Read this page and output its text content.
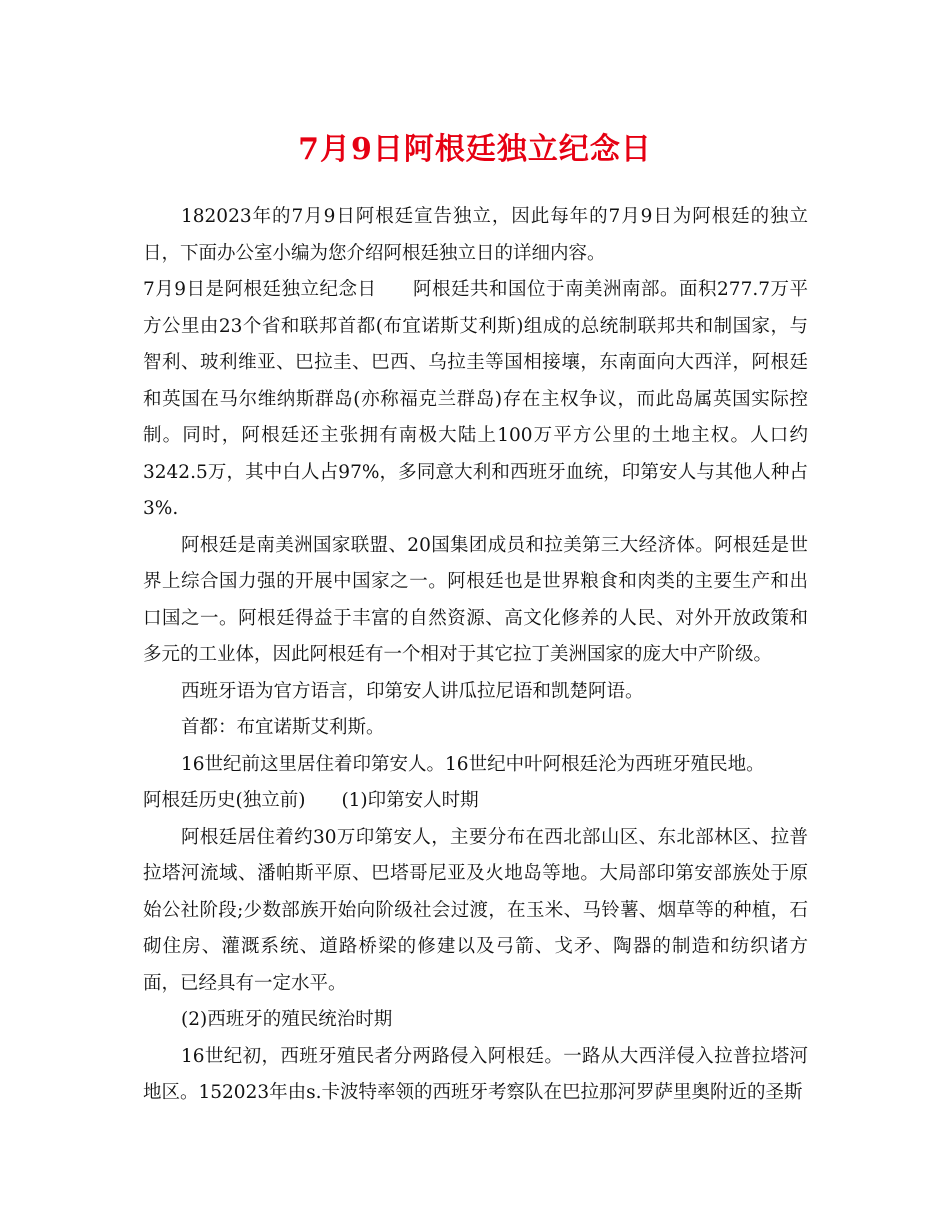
7月9日阿根廷独立纪念日

182023年的7月9日阿根廷宣告独立，因此每年的7月9日为阿根廷的独立日，下面办公室小编为您介绍阿根廷独立日的详细内容。

7月9日是阿根廷独立纪念日 阿根廷共和国位于南美洲南部。面积277.7万平方公里由23个省和联邦首都(布宜诺斯艾利斯)组成的总统制联邦共和制国家，与智利、玻利维亚、巴拉圭、巴西、乌拉圭等国相接壤，东南面向大西洋，阿根廷和英国在马尔维纳斯群岛(亦称福克兰群岛)存在主权争议，而此岛属英国实际控制。同时，阿根廷还主张拥有南极大陆上100万平方公里的土地主权。人口约3242.5万，其中白人占97%，多同意大利和西班牙血统，印第安人与其他人种占3%.

阿根廷是南美洲国家联盟、20国集团成员和拉美第三大经济体。阿根廷是世界上综合国力强的开展中国家之一。阿根廷也是世界粮食和肉类的主要生产和出口国之一。阿根廷得益于丰富的自然资源、高文化修养的人民、对外开放政策和多元的工业体，因此阿根廷有一个相对于其它拉丁美洲国家的庞大中产阶级。

西班牙语为官方语言，印第安人讲瓜拉尼语和凯楚阿语。

首都：布宜诺斯艾利斯。

16世纪前这里居住着印第安人。16世纪中叶阿根廷沦为西班牙殖民地。

阿根廷历史(独立前) (1)印第安人时期

阿根廷居住着约30万印第安人，主要分布在西北部山区、东北部林区、拉普拉塔河流域、潘帕斯平原、巴塔哥尼亚及火地岛等地。大局部印第安部族处于原始公社阶段;少数部族开始向阶级社会过渡，在玉米、马铃薯、烟草等的种植，石砌住房、灌溉系统、道路桥梁的修建以及弓箭、戈矛、陶器的制造和纺织诸方面，已经具有一定水平。

(2)西班牙的殖民统治时期

16世纪初，西班牙殖民者分两路侵入阿根廷。一路从大西洋侵入拉普拉塔河地区。152023年由s.卡波特率领的西班牙考察队在巴拉那河罗萨里奥附近的圣斯
